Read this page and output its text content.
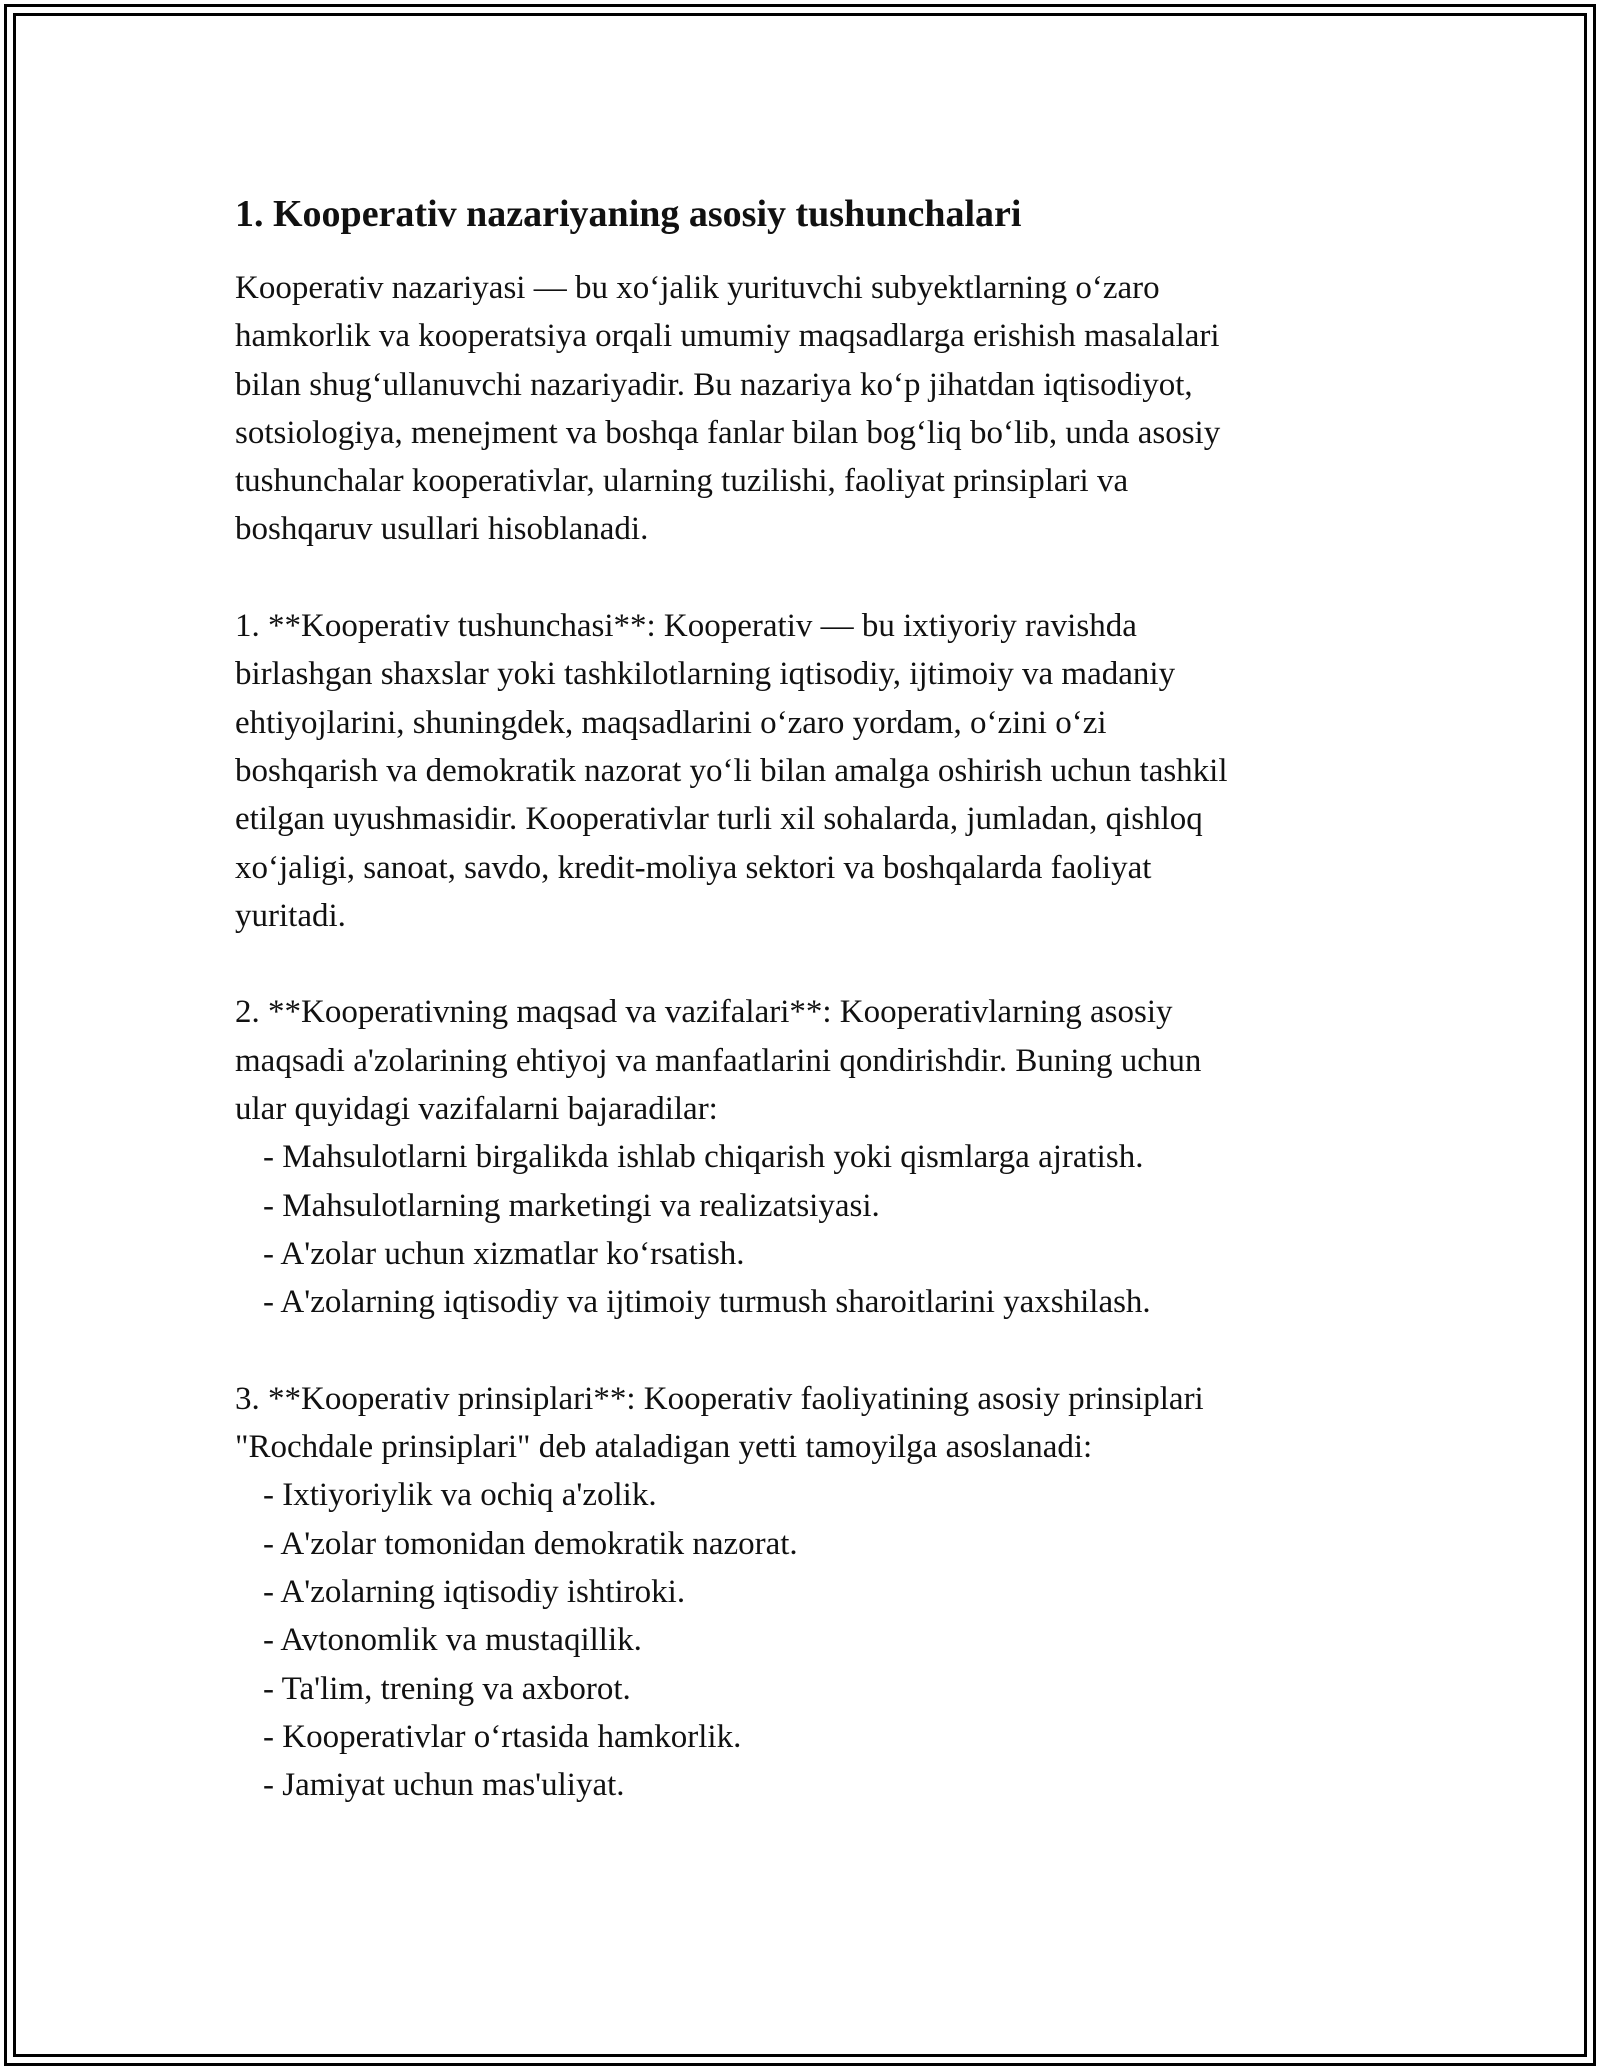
1. Kooperativ nazariyaning asosiy tushunchalari

Kooperativ nazariyasi — bu xo‘jalik yurituvchi subyektlarning o‘zaro
hamkorlik va kooperatsiya orqali umumiy maqsadlarga erishish masalalari
bilan shug‘ullanuvchi nazariyadir. Bu nazariya ko‘p jihatdan iqtisodiyot,
sotsiologiya, menejment va boshqa fanlar bilan bog‘liq bo‘lib, unda asosiy
tushunchalar kooperativlar, ularning tuzilishi, faoliyat prinsiplari va
boshqaruv usullari hisoblanadi.

1. **Kooperativ tushunchasi**: Kooperativ — bu ixtiyoriy ravishda
birlashgan shaxslar yoki tashkilotlarning iqtisodiy, ijtimoiy va madaniy
ehtiyojlarini, shuningdek, maqsadlarini o‘zaro yordam, o‘zini o‘zi
boshqarish va demokratik nazorat yo‘li bilan amalga oshirish uchun tashkil
etilgan uyushmasidir. Kooperativlar turli xil sohalarda, jumladan, qishloq
xo‘jaligi, sanoat, savdo, kredit-moliya sektori va boshqalarda faoliyat
yuritadi.

2. **Kooperativning maqsad va vazifalari**: Kooperativlarning asosiy
maqsadi a'zolarining ehtiyoj va manfaatlarini qondirishdir. Buning uchun
ular quyidagi vazifalarni bajaradilar:

- Mahsulotlarni birgalikda ishlab chiqarish yoki qismlarga ajratish.
- Mahsulotlarning marketingi va realizatsiyasi.
- A'zolar uchun xizmatlar ko‘rsatish.
- A'zolarning iqtisodiy va ijtimoiy turmush sharoitlarini yaxshilash.

3. **Kooperativ prinsiplari**: Kooperativ faoliyatining asosiy prinsiplari
"Rochdale prinsiplari" deb ataladigan yetti tamoyilga asoslanadi:

- Ixtiyoriylik va ochiq a'zolik.
- A'zolar tomonidan demokratik nazorat.
- A'zolarning iqtisodiy ishtiroki.
- Avtonomlik va mustaqillik.
- Ta'lim, trening va axborot.
- Kooperativlar o‘rtasida hamkorlik.
- Jamiyat uchun mas'uliyat.
